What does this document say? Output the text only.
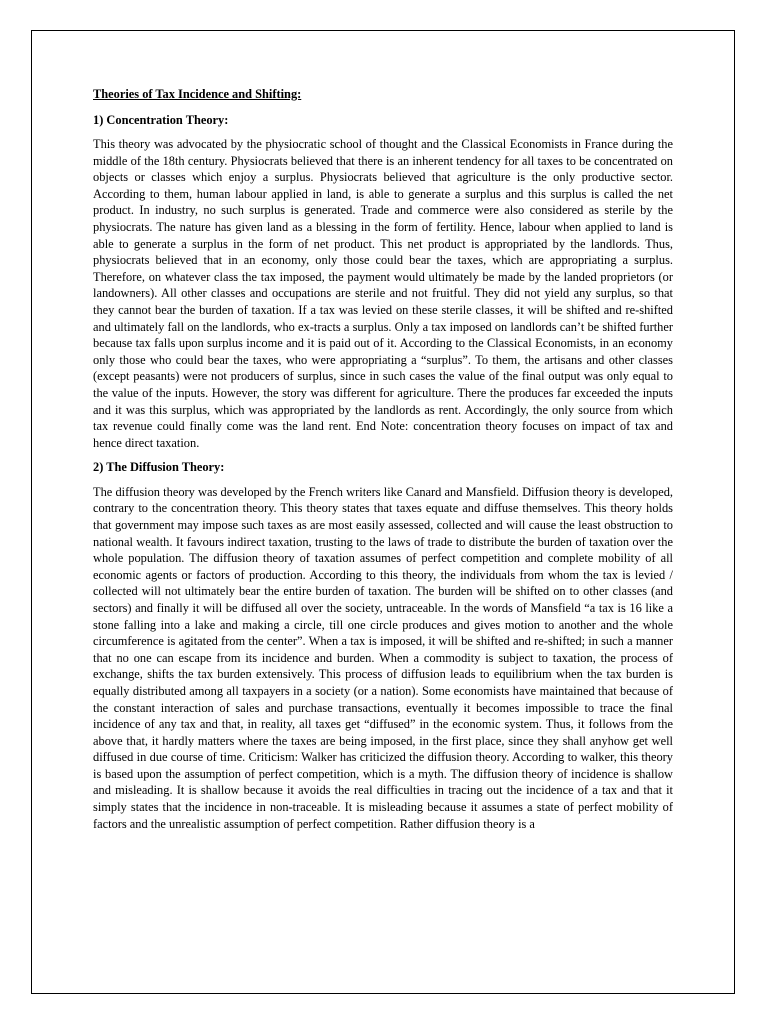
Theories of Tax Incidence and Shifting:
1) Concentration Theory:

This theory was advocated by the physiocratic school of thought and the Classical Economists in France during the middle of the 18th century. Physiocrats believed that there is an inherent tendency for all taxes to be concentrated on objects or classes which enjoy a surplus. Physiocrats believed that agriculture is the only productive sector. According to them, human labour applied in land, is able to generate a surplus and this surplus is called the net product. In industry, no such surplus is generated. Trade and commerce were also considered as sterile by the physiocrats. The nature has given land as a blessing in the form of fertility. Hence, labour when applied to land is able to generate a surplus in the form of net product. This net product is appropriated by the landlords. Thus, physiocrats believed that in an economy, only those could bear the taxes, which are appropriating a surplus. Therefore, on whatever class the tax imposed, the payment would ultimately be made by the landed proprietors (or landowners). All other classes and occupations are sterile and not fruitful. They did not yield any surplus, so that they cannot bear the burden of taxation. If a tax was levied on these sterile classes, it will be shifted and re-shifted and ultimately fall on the landlords, who ex-tracts a surplus. Only a tax imposed on landlords can’t be shifted further because tax falls upon surplus income and it is paid out of it. According to the Classical Economists, in an economy only those who could bear the taxes, who were appropriating a “surplus”. To them, the artisans and other classes (except peasants) were not producers of surplus, since in such cases the value of the final output was only equal to the value of the inputs. However, the story was different for agriculture. There the produces far exceeded the inputs and it was this surplus, which was appropriated by the landlords as rent. Accordingly, the only source from which tax revenue could finally come was the land rent. End Note: concentration theory focuses on impact of tax and hence direct taxation.

2) The Diffusion Theory:

The diffusion theory was developed by the French writers like Canard and Mansfield. Diffusion theory is developed, contrary to the concentration theory. This theory states that taxes equate and diffuse themselves. This theory holds that government may impose such taxes as are most easily assessed, collected and will cause the least obstruction to national wealth. It favours indirect taxation, trusting to the laws of trade to distribute the burden of taxation over the whole population. The diffusion theory of taxation assumes of perfect competition and complete mobility of all economic agents or factors of production. According to this theory, the individuals from whom the tax is levied / collected will not ultimately bear the entire burden of taxation. The burden will be shifted on to other classes (and sectors) and finally it will be diffused all over the society, untraceable. In the words of Mansfield “a tax is 16 like a stone falling into a lake and making a circle, till one circle produces and gives motion to another and the whole circumference is agitated from the center”. When a tax is imposed, it will be shifted and re-shifted; in such a manner that no one can escape from its incidence and burden. When a commodity is subject to taxation, the process of exchange, shifts the tax burden extensively. This process of diffusion leads to equilibrium when the tax burden is equally distributed among all taxpayers in a society (or a nation). Some economists have maintained that because of the constant interaction of sales and purchase transactions, eventually it becomes impossible to trace the final incidence of any tax and that, in reality, all taxes get “diffused” in the economic system. Thus, it follows from the above that, it hardly matters where the taxes are being imposed, in the first place, since they shall anyhow get well diffused in due course of time. Criticism: Walker has criticized the diffusion theory. According to walker, this theory is based upon the assumption of perfect competition, which is a myth. The diffusion theory of incidence is shallow and misleading. It is shallow because it avoids the real difficulties in tracing out the incidence of a tax and that it simply states that the incidence in non-traceable. It is misleading because it assumes a state of perfect mobility of factors and the unrealistic assumption of perfect competition. Rather diffusion theory is a
